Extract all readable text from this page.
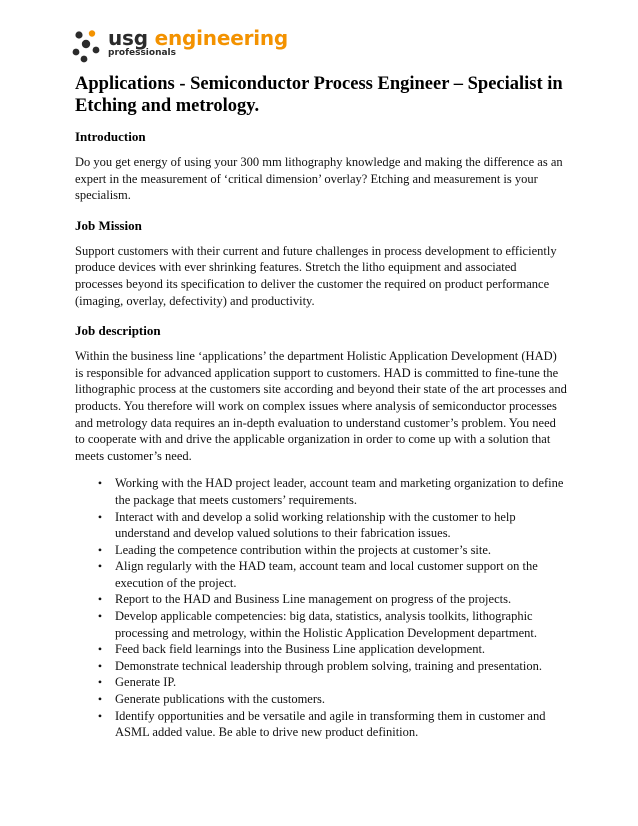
usg engineering
professionals
Applications - Semiconductor Process Engineer – Specialist in Etching and metrology.
Introduction

Do you get energy of using your 300 mm lithography knowledge and making the difference as an expert in the measurement of ‘critical dimension’ overlay? Etching and measurement is your specialism.

Job Mission

Support customers with their current and future challenges in process development to efficiently produce devices with ever shrinking features. Stretch the litho equipment and associated processes beyond its specification to deliver the customer the required on product performance (imaging, overlay, defectivity) and productivity.

Job description

Within the business line ‘applications’ the department Holistic Application Development (HAD) is responsible for advanced application support to customers. HAD is committed to fine-tune the lithographic process at the customers site according and beyond their state of the art processes and products. You therefore will work on complex issues where analysis of semiconductor processes and metrology data requires an in-depth evaluation to understand customer’s problem. You need to cooperate with and drive the applicable organization in order to come up with a solution that meets customer’s need.

• Working with the HAD project leader, account team and marketing organization to define the package that meets customers’ requirements.
• Interact with and develop a solid working relationship with the customer to help understand and develop valued solutions to their fabrication issues.
• Leading the competence contribution within the projects at customer’s site.
• Align regularly with the HAD team, account team and local customer support on the execution of the project.
• Report to the HAD and Business Line management on progress of the projects.
• Develop applicable competencies: big data, statistics, analysis toolkits, lithographic processing and metrology, within the Holistic Application Development department.
• Feed back field learnings into the Business Line application development.
• Demonstrate technical leadership through problem solving, training and presentation.
• Generate IP.
• Generate publications with the customers.
• Identify opportunities and be versatile and agile in transforming them in customer and ASML added value. Be able to drive new product definition.
